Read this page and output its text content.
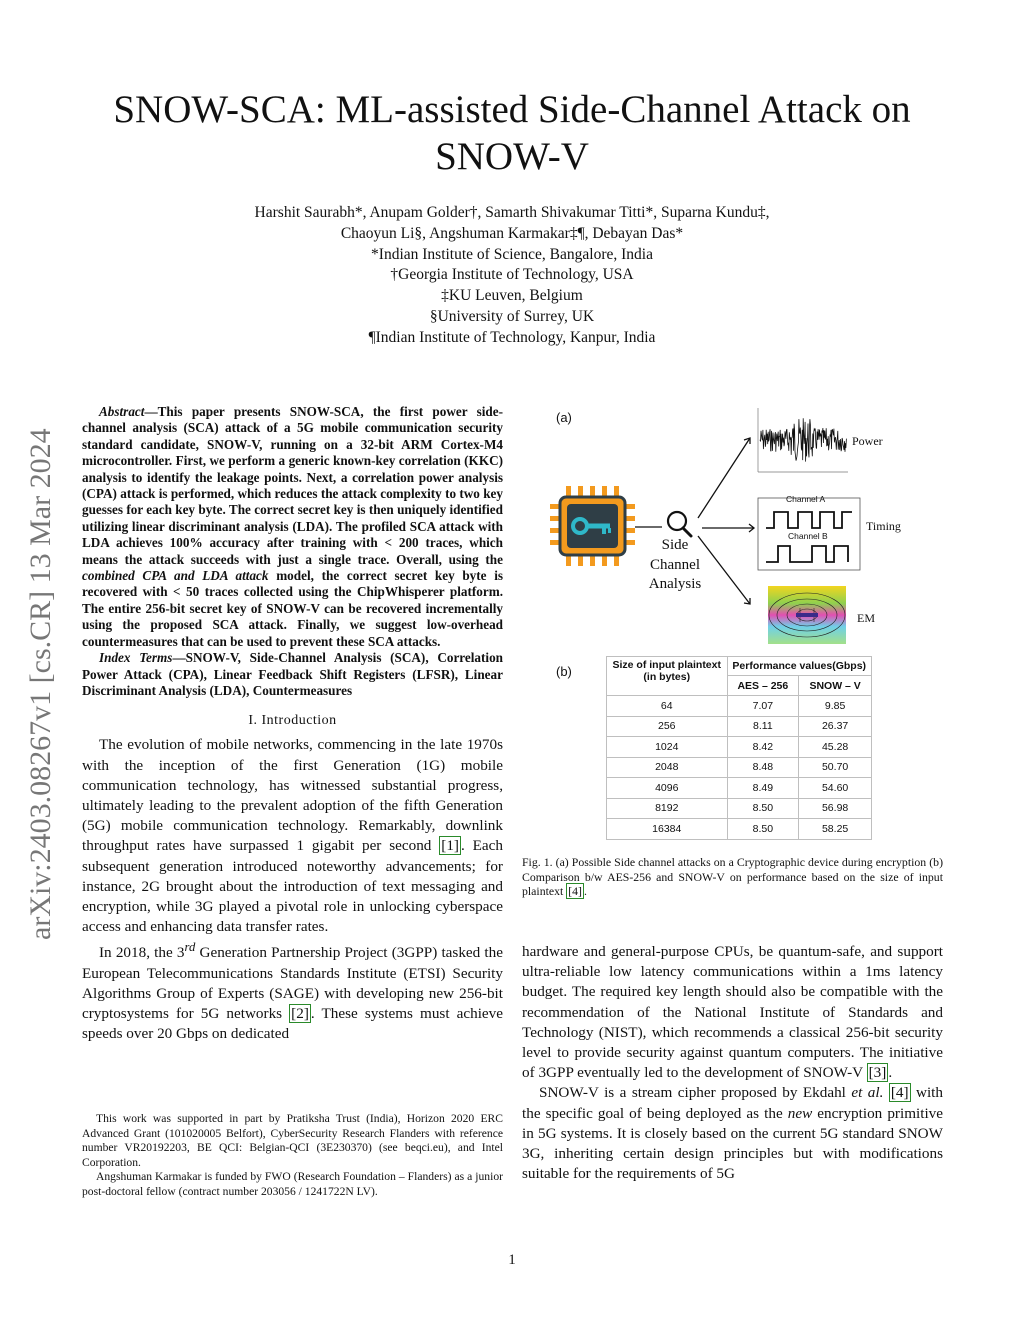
arXiv:2403.08267v1 [cs.CR] 13 Mar 2024
SNOW-SCA: ML-assisted Side-Channel Attack on
SNOW-V
Harshit Saurabh*, Anupam Golder†, Samarth Shivakumar Titti*, Suparna Kundu‡,
Chaoyun Li§, Angshuman Karmakar‡¶, Debayan Das*
*Indian Institute of Science, Bangalore, India
†Georgia Institute of Technology, USA
‡KU Leuven, Belgium
§University of Surrey, UK
¶Indian Institute of Technology, Kanpur, India

Abstract—This paper presents SNOW-SCA, the first power side-channel analysis (SCA) attack of a 5G mobile communication security standard candidate, SNOW-V, running on a 32-bit ARM Cortex-M4 microcontroller. First, we perform a generic known-key correlation (KKC) analysis to identify the leakage points. Next, a correlation power analysis (CPA) attack is performed, which reduces the attack complexity to two key guesses for each key byte. The correct secret key is then uniquely identified utilizing linear discriminant analysis (LDA). The profiled SCA attack with LDA achieves 100% accuracy after training with < 200 traces, which means the attack succeeds with just a single trace. Overall, using the combined CPA and LDA attack model, the correct secret key byte is recovered with < 50 traces collected using the ChipWhisperer platform. The entire 256-bit secret key of SNOW-V can be recovered incrementally using the proposed SCA attack. Finally, we suggest low-overhead countermeasures that can be used to prevent these SCA attacks.

Index Terms—SNOW-V, Side-Channel Analysis (SCA), Correlation Power Attack (CPA), Linear Feedback Shift Registers (LFSR), Linear Discriminant Analysis (LDA), Countermeasures

I. Introduction

The evolution of mobile networks, commencing in the late 1970s with the inception of the first Generation (1G) mobile communication technology, has witnessed substantial progress, ultimately leading to the prevalent adoption of the fifth Generation (5G) mobile communication technology. Remarkably, downlink throughput rates have surpassed 1 gigabit per second [1] . Each subsequent generation introduced noteworthy advancements; for instance, 2G brought about the introduction of text messaging and encryption, while 3G played a pivotal role in unlocking cyberspace access and enhancing data transfer rates.

In 2018, the 3rd Generation Partnership Project (3GPP) tasked the European Telecommunications Standards Institute (ETSI) Security Algorithms Group of Experts (SAGE) with developing new 256-bit cryptosystems for 5G networks [2] . These systems must achieve speeds over 20 Gbps on dedicated

This work was supported in part by Pratiksha Trust (India), Horizon 2020 ERC Advanced Grant (101020005 Belfort), CyberSecurity Research Flanders with reference number VR20192203, BE QCI: Belgian-QCI (3E230370) (see beqci.eu), and Intel Corporation.

Angshuman Karmakar is funded by FWO (Research Foundation – Flanders) as a junior post-doctoral fellow (contract number 203056 / 1241722N LV).

(a)
Side
Channel
Analysis
Power
Timing
EM
Channel A
Channel B
(b)	Size of input plaintext (in bytes)	Performance values(Gbps)	
	AES – 256	SNOW – V
64	7.07	9.85
256	8.11	26.37
1024	8.42	45.28
2048	8.48	50.70
4096	8.49	54.60
8192	8.50	56.98
16384	8.50	58.25
Fig. 1. (a) Possible Side channel attacks on a Cryptographic device during encryption (b) Comparison b/w AES-256 and SNOW-V on performance based on the size of input plaintext [4] .

hardware and general-purpose CPUs, be quantum-safe, and support ultra-reliable low latency communications within a 1ms latency budget. The required key length should also be compatible with the recommendation of the National Institute of Standards and Technology (NIST), which recommends a classical 256-bit security level to provide security against quantum computers. The initiative of 3GPP eventually led to the development of SNOW-V [3] .

SNOW-V is a stream cipher proposed by Ekdahl et al. [4] with the specific goal of being deployed as the new encryption primitive in 5G systems. It is closely based on the current 5G standard SNOW 3G, inheriting certain design principles but with modifications suitable for the requirements of 5G

1
